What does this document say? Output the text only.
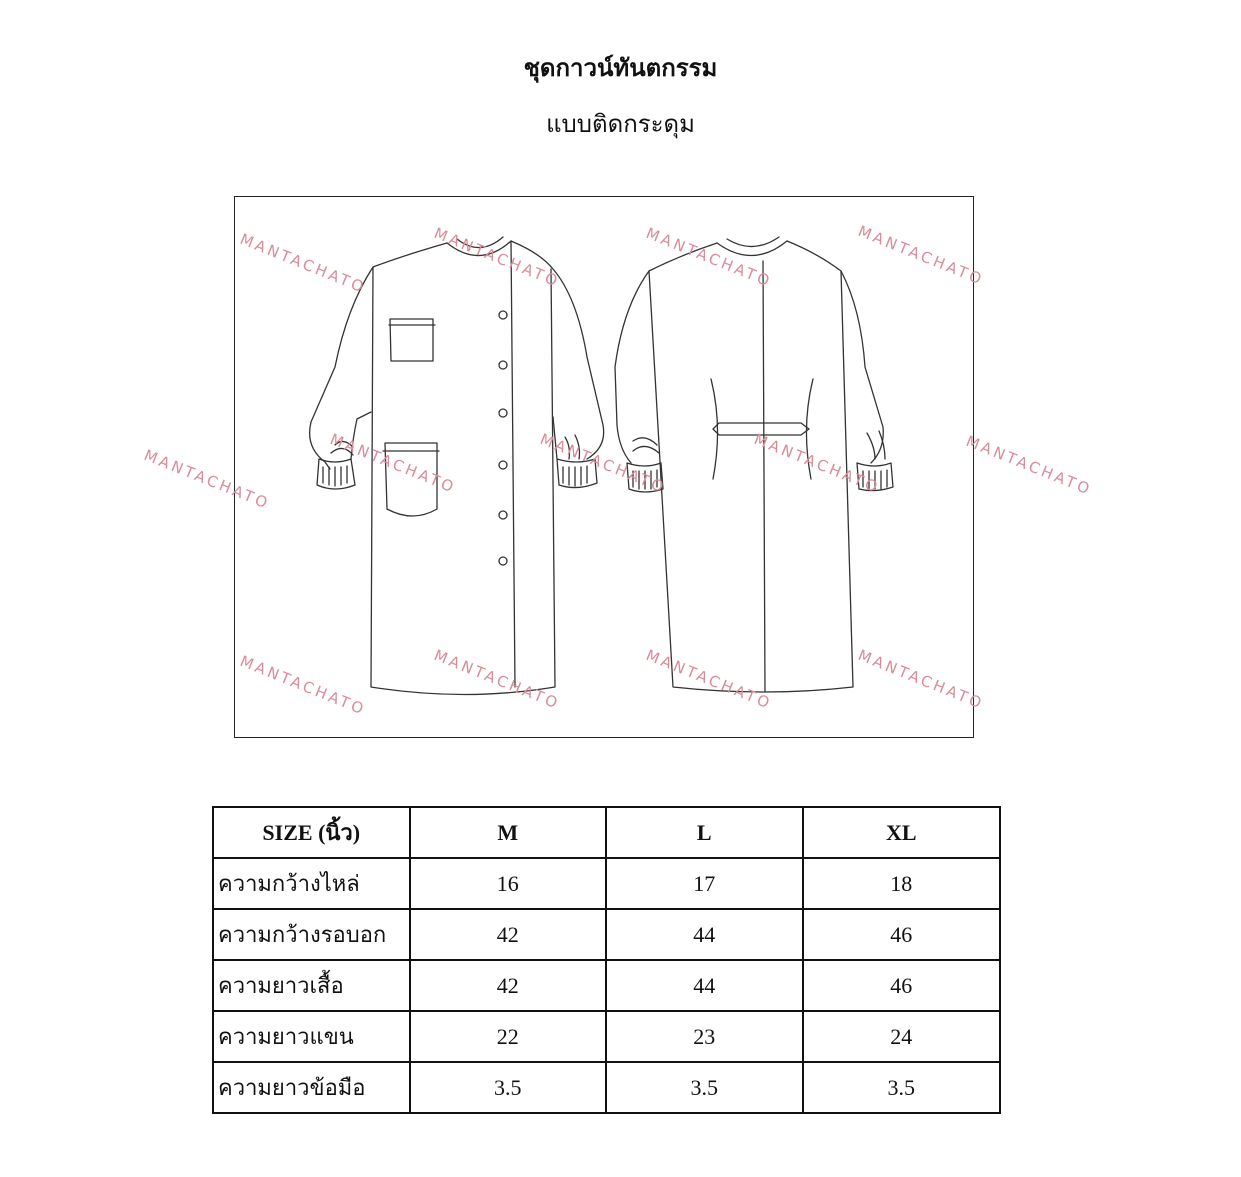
ชุดกาวน์ทันตกรรม
แบบติดกระดุม
MANTACHATO	MANTACHATO	MANTACHATO	MANTACHATO
MANTACHATO	MANTACHATO	MANTACHATO	MANTACHATO
MANTACHATO
MANTACHATO	MANTACHATO	MANTACHATO	MANTACHATO
SIZE (นิ้ว)	M	L	XL
ความกว้างไหล่	16	17	18
ความกว้างรอบอก	42	44	46
ความยาวเสื้อ	42	44	46
ความยาวแขน	22	23	24
ความยาวข้อมือ	3.5	3.5	3.5
